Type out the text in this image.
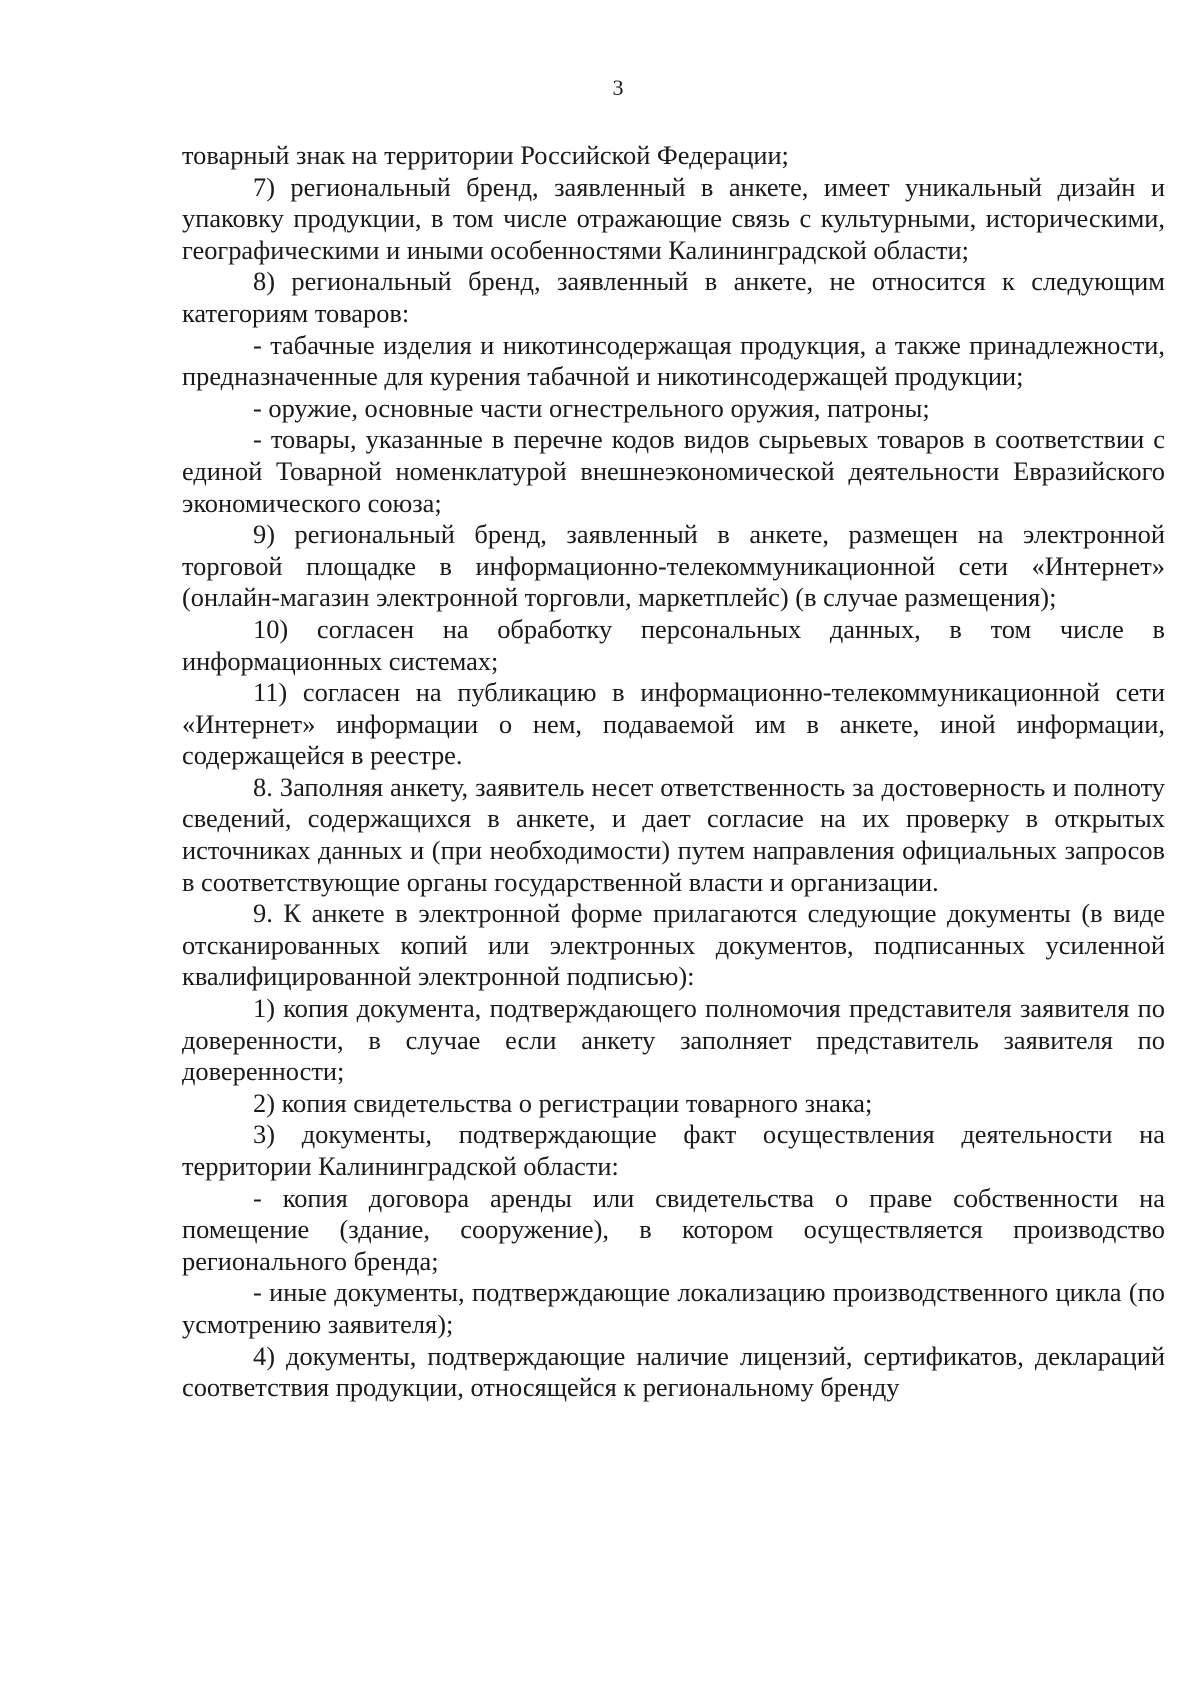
3

товарный знак на территории Российской Федерации;

7) региональный бренд, заявленный в анкете, имеет уникальный дизайн и упаковку продукции, в том числе отражающие связь с культурными, историческими, географическими и иными особенностями Калининградской области;

8) региональный бренд, заявленный в анкете, не относится к следующим категориям товаров:

- табачные изделия и никотинсодержащая продукция, а также принадлежности, предназначенные для курения табачной и никотинсодержащей продукции;

- оружие, основные части огнестрельного оружия, патроны;

- товары, указанные в перечне кодов видов сырьевых товаров в соответствии с единой Товарной номенклатурой внешнеэкономической деятельности Евразийского экономического союза;

9) региональный бренд, заявленный в анкете, размещен на электронной торговой площадке в информационно-телекоммуникационной сети «Интернет» (онлайн-магазин электронной торговли, маркетплейс) (в случае размещения);

10) согласен на обработку персональных данных, в том числе в информационных системах;

11) согласен на публикацию в информационно-телекоммуникационной сети «Интернет» информации о нем, подаваемой им в анкете, иной информации, содержащейся в реестре.

8. Заполняя анкету, заявитель несет ответственность за достоверность и полноту сведений, содержащихся в анкете, и дает согласие на их проверку в открытых источниках данных и (при необходимости) путем направления официальных запросов в соответствующие органы государственной власти и организации.

9. К анкете в электронной форме прилагаются следующие документы (в виде отсканированных копий или электронных документов, подписанных усиленной квалифицированной электронной подписью):

1) копия документа, подтверждающего полномочия представителя заявителя по доверенности, в случае если анкету заполняет представитель заявителя по доверенности;

2) копия свидетельства о регистрации товарного знака;

3) документы, подтверждающие факт осуществления деятельности на территории Калининградской области:

- копия договора аренды или свидетельства о праве собственности на помещение (здание, сооружение), в котором осуществляется производство регионального бренда;

- иные документы, подтверждающие локализацию производственного цикла (по усмотрению заявителя);

4) документы, подтверждающие наличие лицензий, сертификатов, деклараций соответствия продукции, относящейся к региональному бренду
